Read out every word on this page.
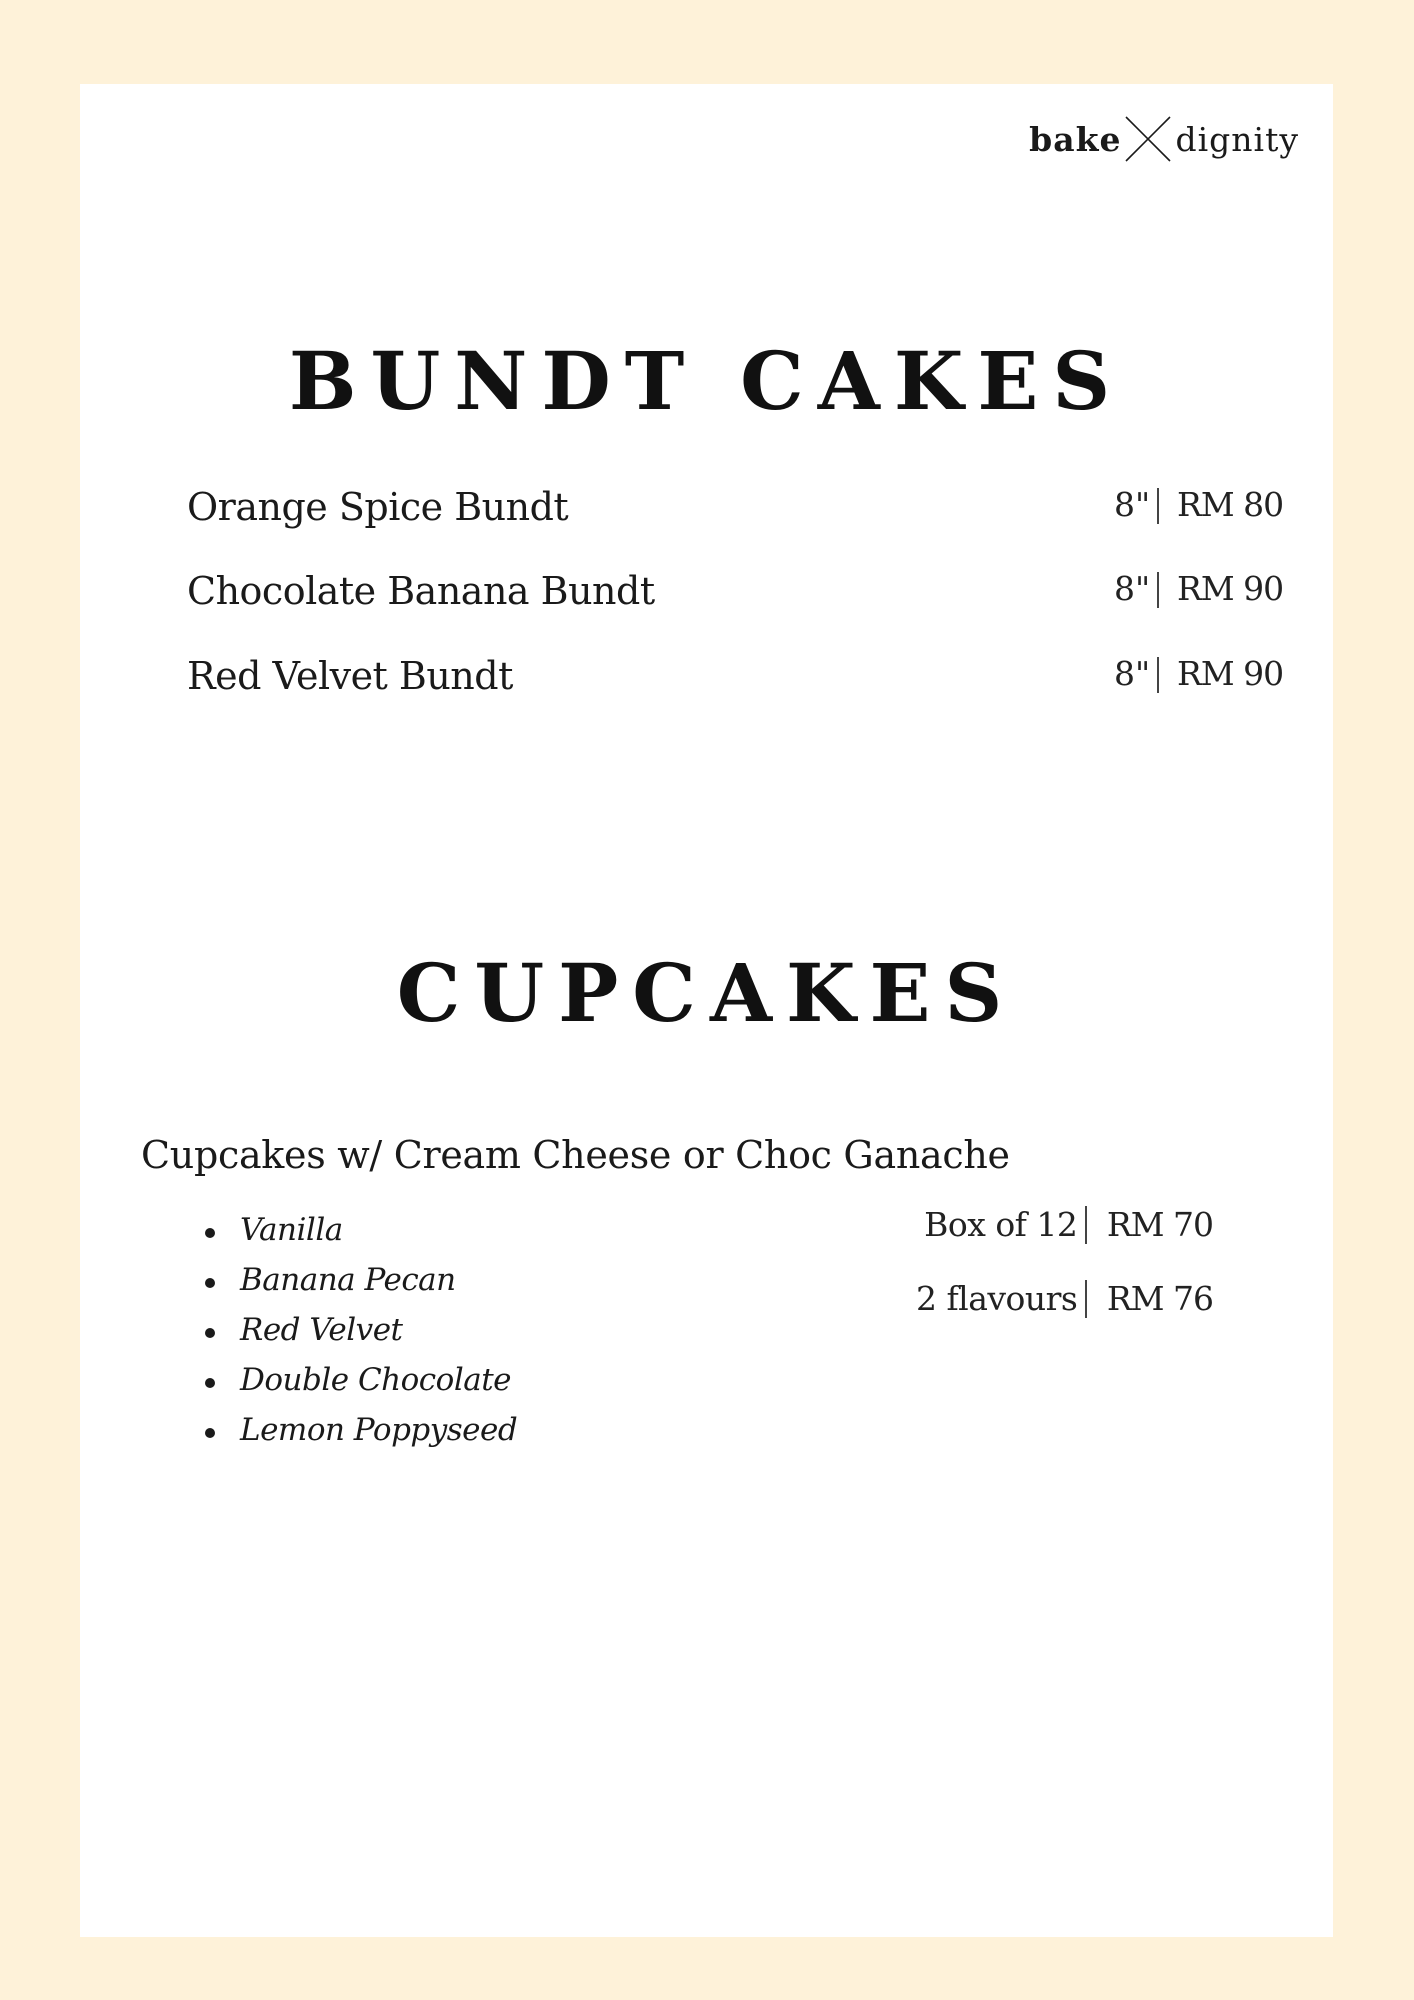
bake dignity
BUNDT CAKES
Orange Spice Bundt	8" RM 80
Chocolate Banana Bundt	8" RM 90
Red Velvet Bundt	8" RM 90
CUPCAKES
Cupcakes w/ Cream Cheese or Choc Ganache
Vanilla
Banana Pecan
Red Velvet
Double Chocolate
Lemon Poppyseed
Box of 12 RM 70
2 flavours RM 76
